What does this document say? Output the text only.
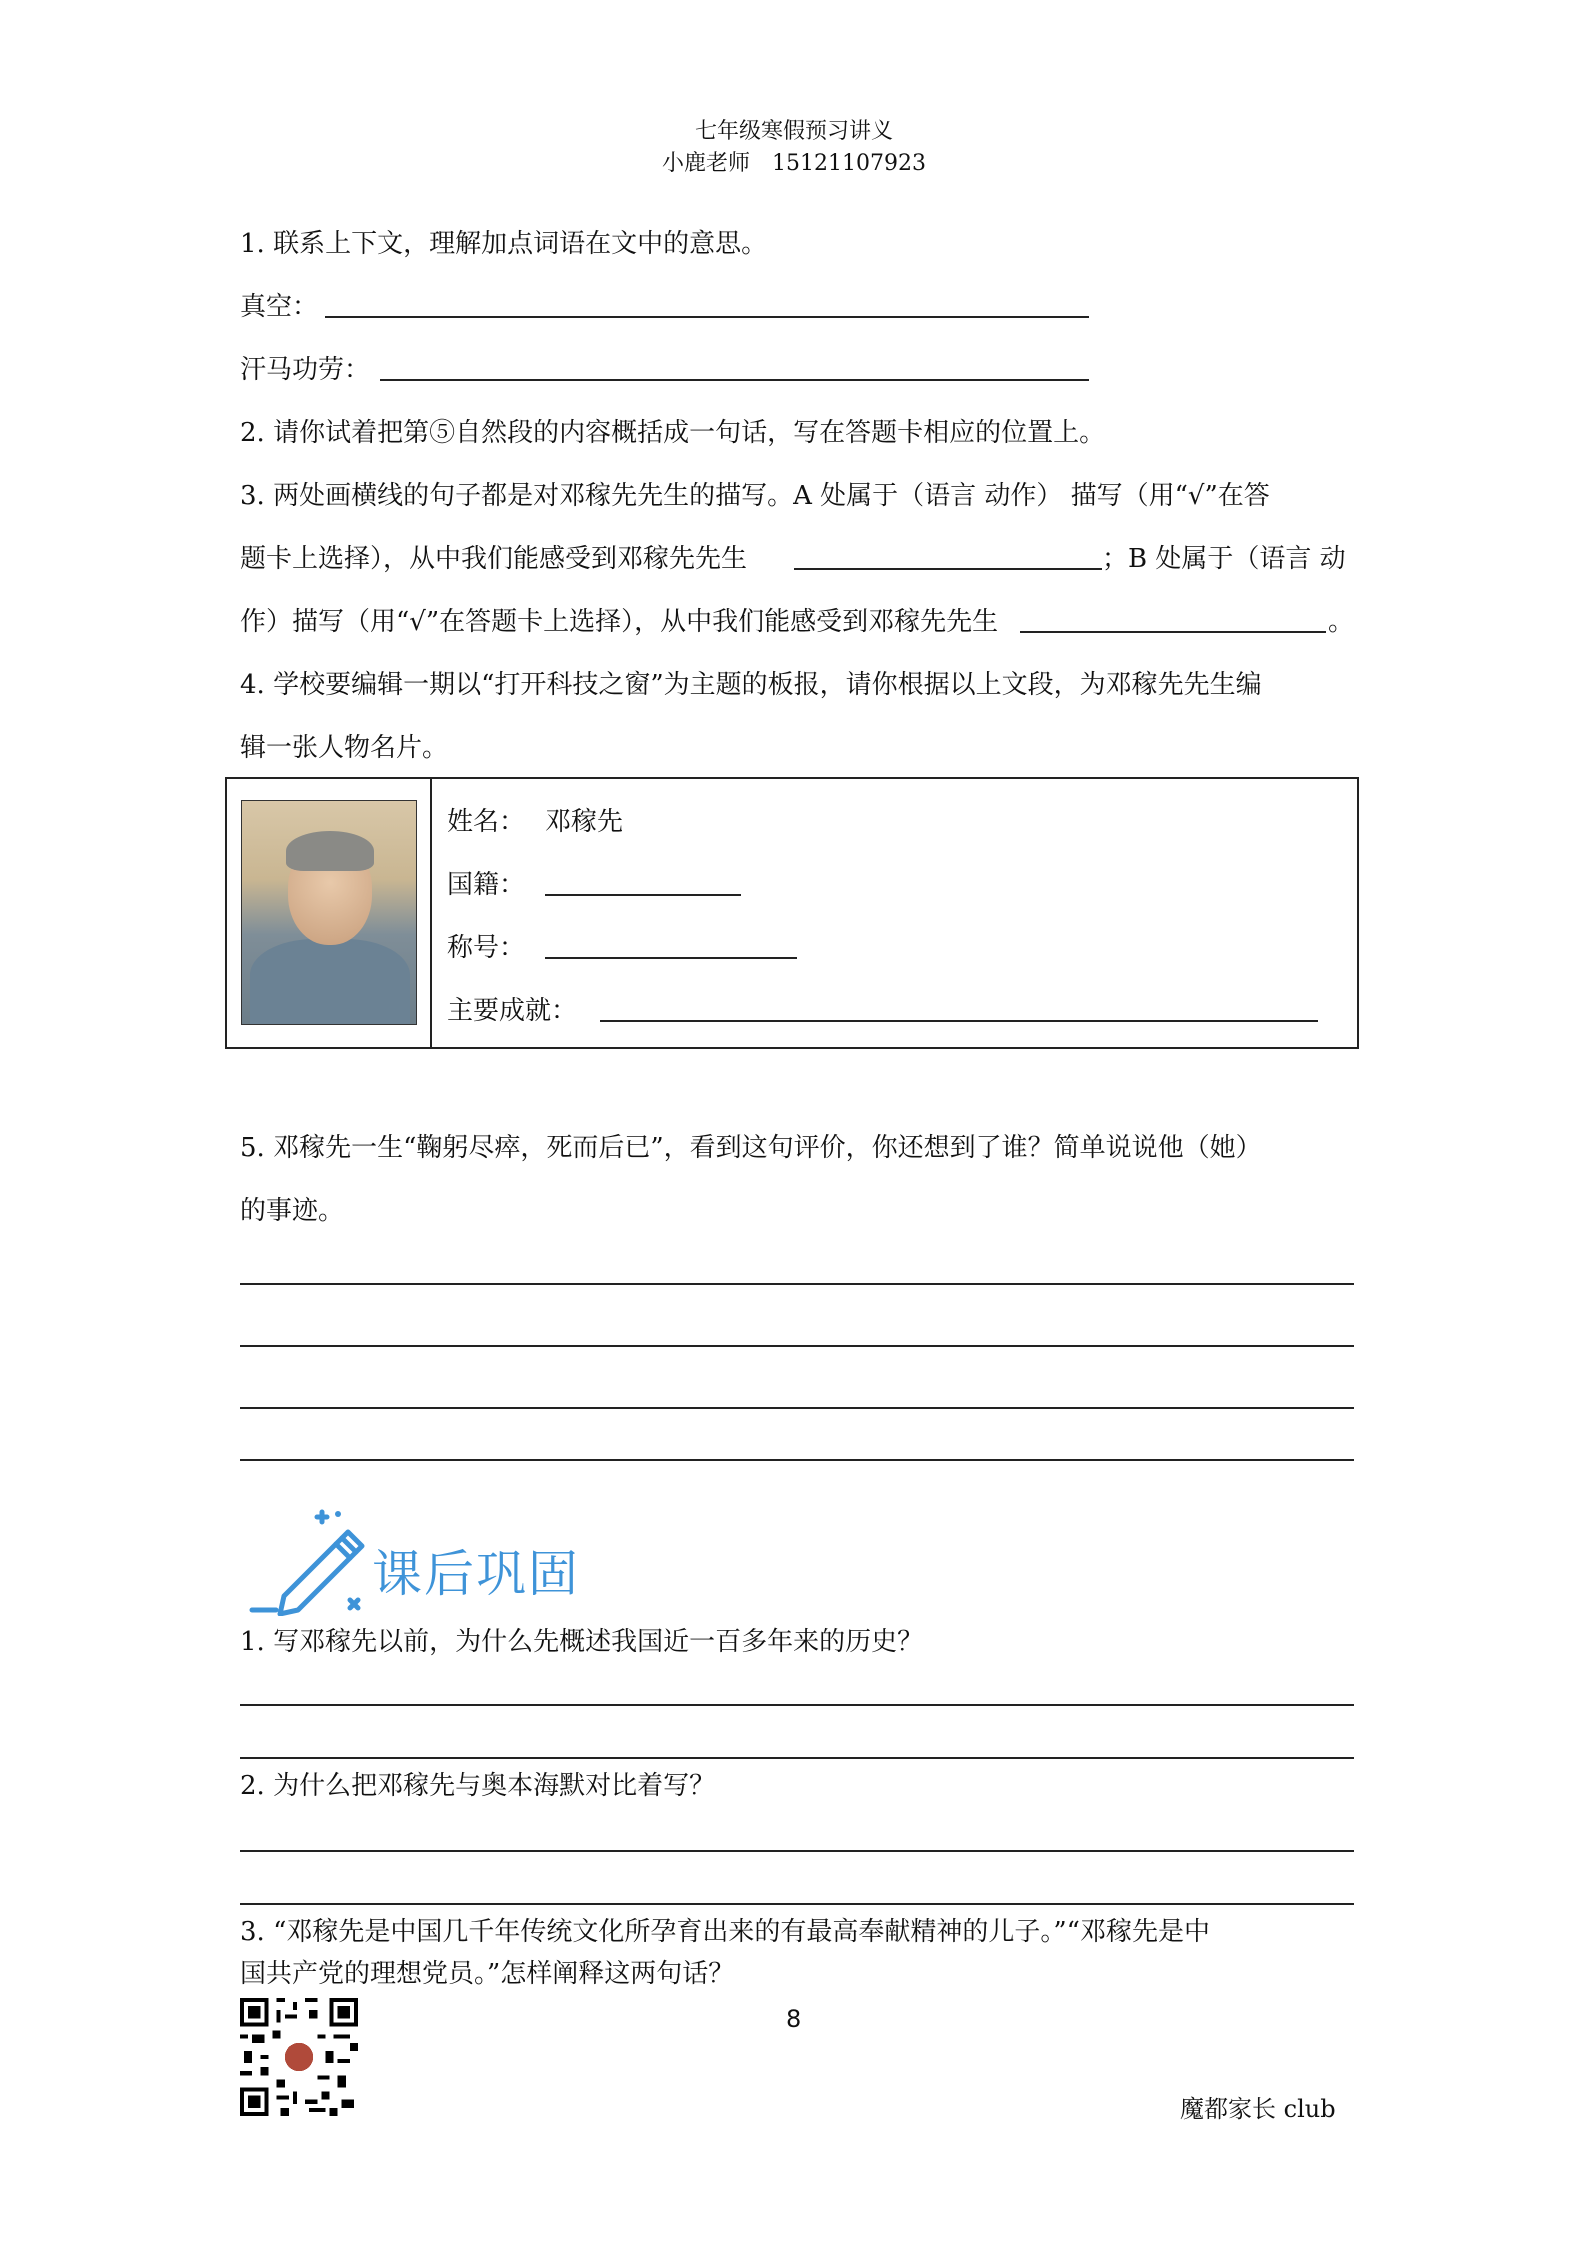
七年级寒假预习讲义
小鹿老师　15121107923
1. 联系上下文，理解加点词语在文中的意思。
真空：
汗马功劳：
2. 请你试着把第⑤自然段的内容概括成一句话，写在答题卡相应的位置上。
3. 两处画横线的句子都是对邓稼先先生的描写。A 处属于（语言 动作） 描写（用“√”在答
题卡上选择），从中我们能感受到邓稼先先生	；B 处属于（语言 动
作）描写（用“√”在答题卡上选择），从中我们能感受到邓稼先先生	。
4. 学校要编辑一期以“打开科技之窗”为主题的板报，请你根据以上文段，为邓稼先先生编
辑一张人物名片。
姓名： 邓稼先
国籍：
称号：
主要成就：
5. 邓稼先一生“鞠躬尽瘁，死而后已”，看到这句评价，你还想到了谁？简单说说他（她）
的事迹。
课后巩固
1. 写邓稼先以前，为什么先概述我国近一百多年来的历史？
2. 为什么把邓稼先与奥本海默对比着写？
3. “邓稼先是中国几千年传统文化所孕育出来的有最高奉献精神的儿子。”“邓稼先是中
国共产党的理想党员。”怎样阐释这两句话？
8
魔都家长 club
